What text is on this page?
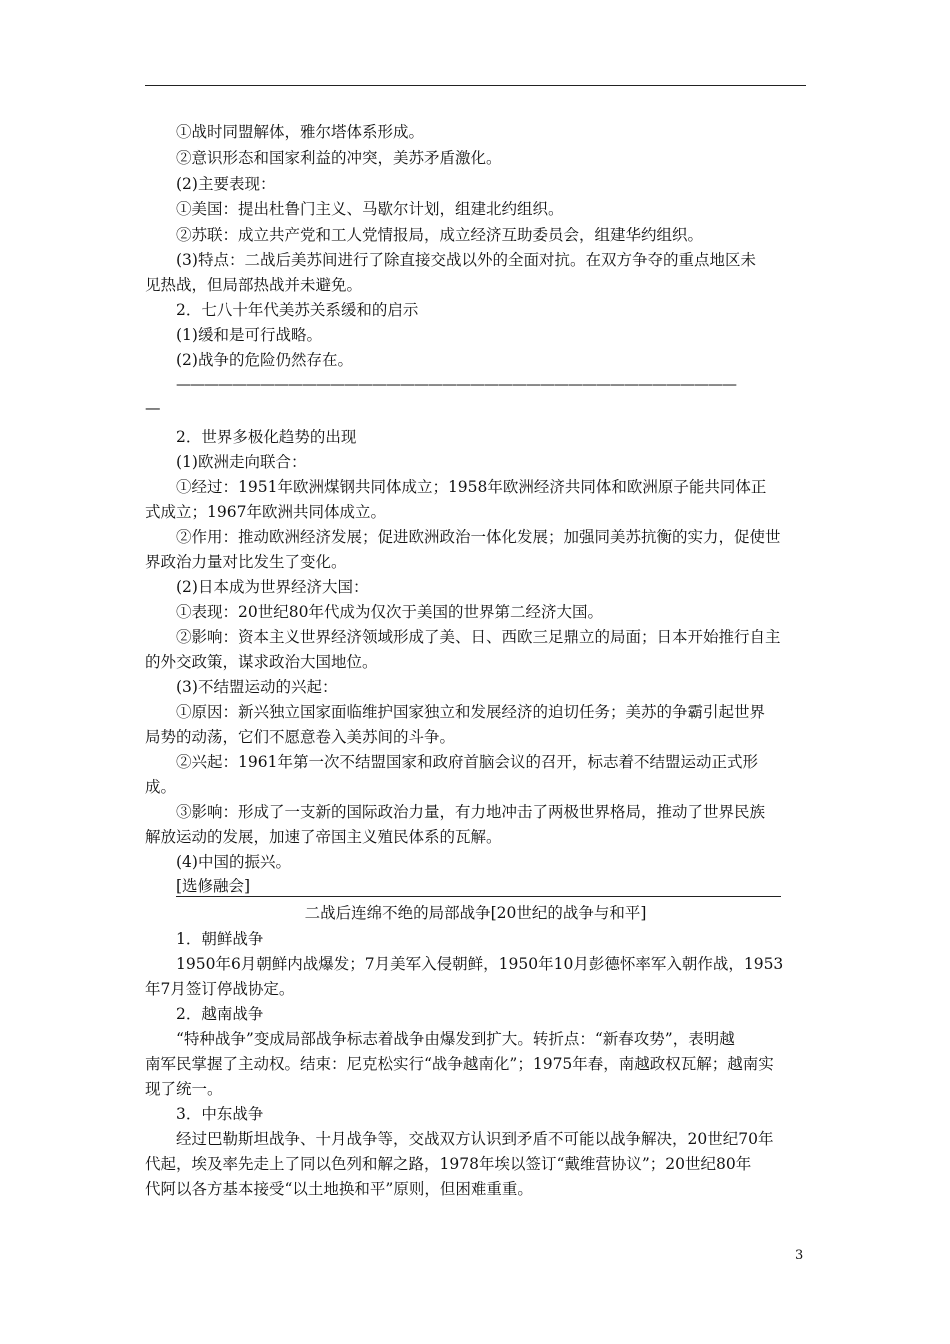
①战时同盟解体，雅尔塔体系形成。
②意识形态和国家利益的冲突，美苏矛盾激化。
(2)主要表现：
①美国：提出杜鲁门主义、马歇尔计划，组建北约组织。
②苏联：成立共产党和工人党情报局，成立经济互助委员会，组建华约组织。
(3)特点：二战后美苏间进行了除直接交战以外的全面对抗。在双方争夺的重点地区未
见热战，但局部热战并未避免。
2．七八十年代美苏关系缓和的启示
(1)缓和是可行战略。
(2)战争的危险仍然存在。
————————————————————————————————————————
—
2．世界多极化趋势的出现
(1)欧洲走向联合：
①经过：1951年欧洲煤钢共同体成立；1958年欧洲经济共同体和欧洲原子能共同体正
式成立；1967年欧洲共同体成立。
②作用：推动欧洲经济发展；促进欧洲政治一体化发展；加强同美苏抗衡的实力，促使世
界政治力量对比发生了变化。
(2)日本成为世界经济大国：
①表现：20世纪80年代成为仅次于美国的世界第二经济大国。
②影响：资本主义世界经济领域形成了美、日、西欧三足鼎立的局面；日本开始推行自主
的外交政策，谋求政治大国地位。
(3)不结盟运动的兴起：
①原因：新兴独立国家面临维护国家独立和发展经济的迫切任务；美苏的争霸引起世界
局势的动荡，它们不愿意卷入美苏间的斗争。
②兴起：1961年第一次不结盟国家和政府首脑会议的召开，标志着不结盟运动正式形
成。
③影响：形成了一支新的国际政治力量，有力地冲击了两极世界格局，推动了世界民族
解放运动的发展，加速了帝国主义殖民体系的瓦解。
(4)中国的振兴。
[选修融会]
二战后连绵不绝的局部战争[20世纪的战争与和平]
1．朝鲜战争
1950年6月朝鲜内战爆发；7月美军入侵朝鲜，1950年10月彭德怀率军入朝作战，1953
年7月签订停战协定。
2．越南战争
“特种战争”变成局部战争标志着战争由爆发到扩大。转折点：“新春攻势”，表明越
南军民掌握了主动权。结束：尼克松实行“战争越南化”；1975年春，南越政权瓦解；越南实
现了统一。
3．中东战争
经过巴勒斯坦战争、十月战争等，交战双方认识到矛盾不可能以战争解决，20世纪70年
代起，埃及率先走上了同以色列和解之路，1978年埃以签订“戴维营协议”；20世纪80年
代阿以各方基本接受“以土地换和平”原则，但困难重重。
3
